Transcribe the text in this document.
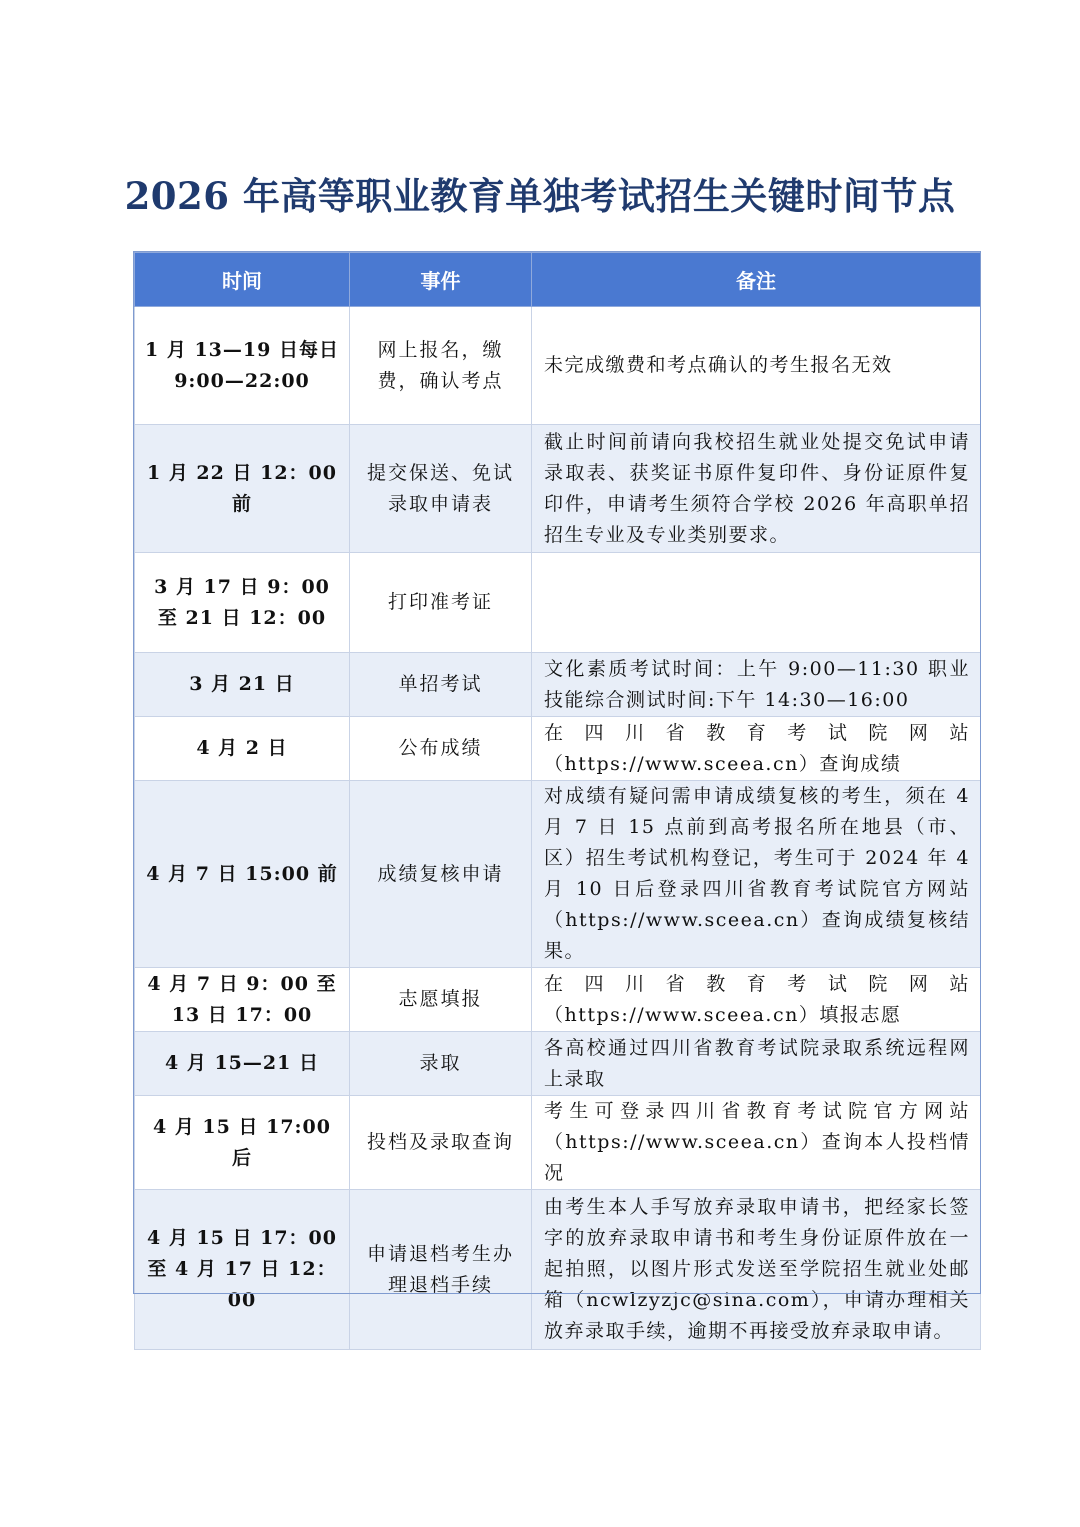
2026 年高等职业教育单独考试招生关键时间节点
时间	事件	备注
1 月 13—19 日每日 9:00—22:00	网上报名，缴费，确认考点	未完成缴费和考点确认的考生报名无效
1 月 22 日 12：00 前	提交保送、免试录取申请表	截止时间前请向我校招生就业处提交免试申请录取表、获奖证书原件复印件、身份证原件复印件，申请考生须符合学校 2026 年高职单招招生专业及专业类别要求。
3 月 17 日 9：00 至 21 日 12：00	打印准考证	
3 月 21 日	单招考试	文化素质考试时间：上午 9:00—11:30 职业技能综合测试时间:下午 14:30—16:00
4 月 2 日	公布成绩	在四川省教育考试院网站（https://www.sceea.cn）查询成绩
4 月 7 日 15:00 前	成绩复核申请	对成绩有疑问需申请成绩复核的考生，须在 4 月 7 日 15 点前到高考报名所在地县（市、区）招生考试机构登记，考生可于 2024 年 4 月 10 日后登录四川省教育考试院官方网站（https://www.sceea.cn）查询成绩复核结果。
4 月 7 日 9：00 至 13 日 17：00	志愿填报	在四川省教育考试院网站（https://www.sceea.cn）填报志愿
4 月 15—21 日	录取	各高校通过四川省教育考试院录取系统远程网上录取
4 月 15 日 17:00 后	投档及录取查询	考生可登录四川省教育考试院官方网站（https://www.sceea.cn）查询本人投档情况
4 月 15 日 17：00 至 4 月 17 日 12：00	申请退档考生办理退档手续	由考生本人手写放弃录取申请书，把经家长签字的放弃录取申请书和考生身份证原件放在一起拍照，以图片形式发送至学院招生就业处邮箱（ncwlzyzjc@sina.com），申请办理相关放弃录取手续，逾期不再接受放弃录取申请。
